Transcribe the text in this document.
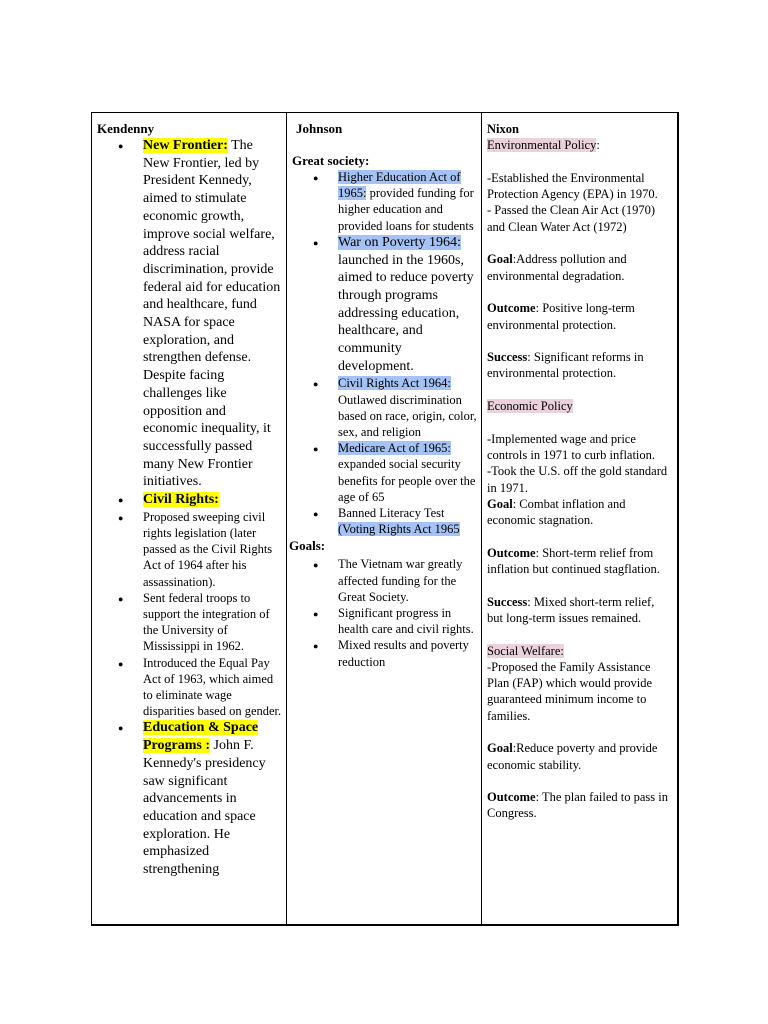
Kendenny

● New Frontier: The New Frontier, led by President Kennedy, aimed to stimulate economic growth, improve social welfare, address racial discrimination, provide federal aid for education and healthcare, fund NASA for space exploration, and strengthen defense. Despite facing challenges like opposition and economic inequality, it successfully passed many New Frontier initiatives.
● Civil Rights:
● Proposed sweeping civil rights legislation (later passed as the Civil Rights Act of 1964 after his assassination).
● Sent federal troops to support the integration of the University of Mississippi in 1962.
● Introduced the Equal Pay Act of 1963, which aimed to eliminate wage disparities based on gender.
● Education & Space Programs : John F. Kennedy's presidency saw significant advancements in education and space exploration. He emphasized strengthening

Johnson

Great society:

● Higher Education Act of 1965: provided funding for higher education and provided loans for students
● War on Poverty 1964: launched in the 1960s, aimed to reduce poverty through programs addressing education, healthcare, and community development.
● Civil Rights Act 1964: Outlawed discrimination based on race, origin, color, sex, and religion
● Medicare Act of 1965: expanded social security benefits for people over the age of 65
● Banned Literacy Test (Voting Rights Act 1965

Goals:

● The Vietnam war greatly affected funding for the Great Society.
● Significant progress in health care and civil rights.
● Mixed results and poverty reduction

Nixon

Environmental Policy:

-Established the Environmental Protection Agency (EPA) in 1970.

- Passed the Clean Air Act (1970) and Clean Water Act (1972)

Goal:Address pollution and environmental degradation.

Outcome: Positive long-term environmental protection.

Success: Significant reforms in environmental protection.

Economic Policy

-Implemented wage and price controls in 1971 to curb inflation.

-Took the U.S. off the gold standard in 1971.

Goal: Combat inflation and economic stagnation.

Outcome: Short-term relief from inflation but continued stagflation.

Success: Mixed short-term relief, but long-term issues remained.

Social Welfare:

-Proposed the Family Assistance Plan (FAP) which would provide guaranteed minimum income to families.

Goal:Reduce poverty and provide economic stability.

Outcome: The plan failed to pass in Congress.
